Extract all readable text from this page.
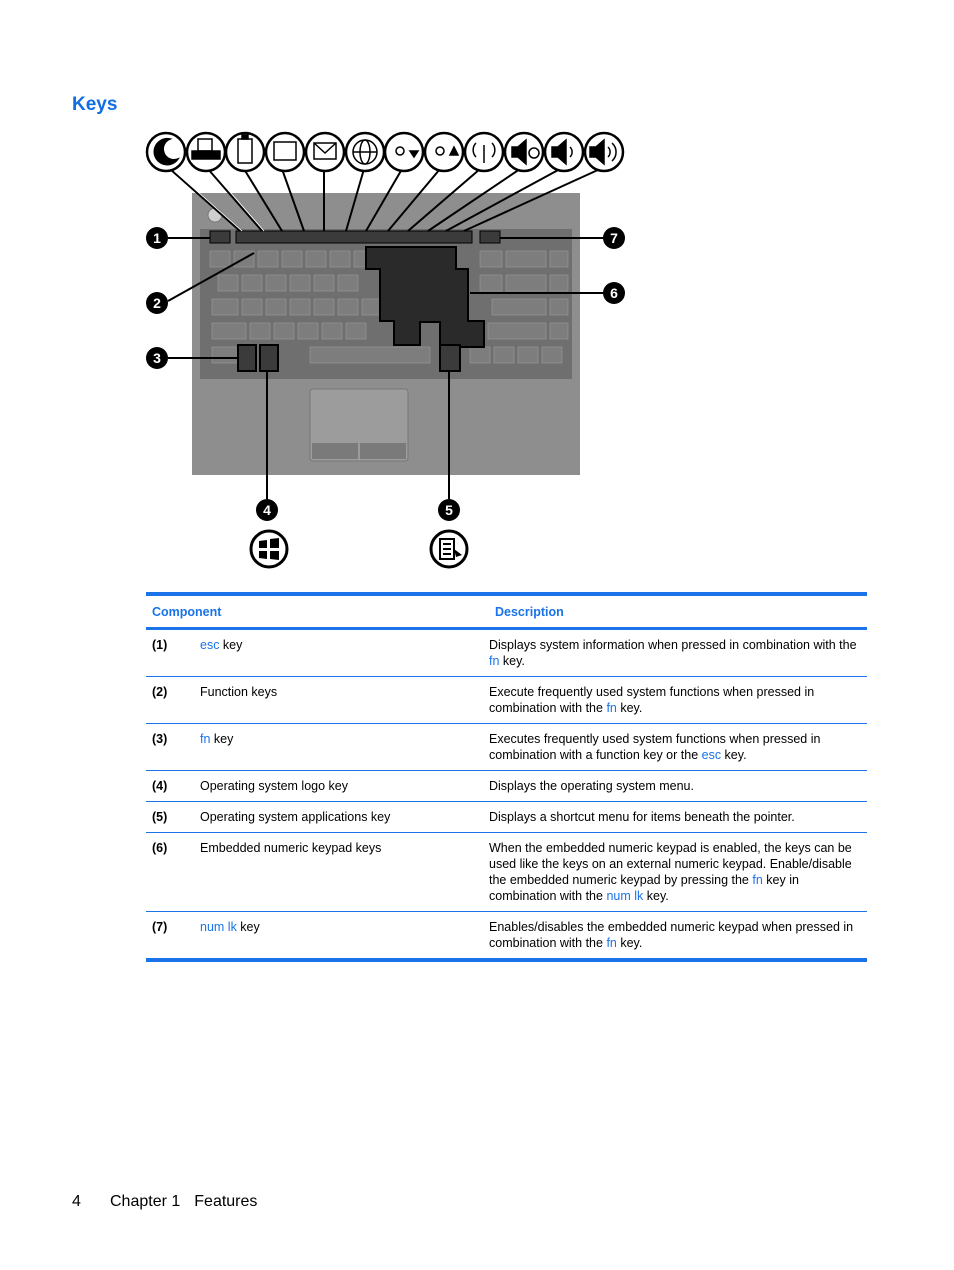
Keys
1
2
3
4	5
6
7
Component	Description
(1)	esc key	Displays system information when pressed in combination with the fn key.
(2)	Function keys	Execute frequently used system functions when pressed in combination with the fn key.
(3)	fn key	Executes frequently used system functions when pressed in combination with a function key or the esc key.
(4)	Operating system logo key	Displays the operating system menu.
(5)	Operating system applications key	Displays a shortcut menu for items beneath the pointer.
(6)	Embedded numeric keypad keys	When the embedded numeric keypad is enabled, the keys can be used like the keys on an external numeric keypad. Enable/disable the embedded numeric keypad by pressing the fn key in combination with the num lk key.
(7)	num lk key	Enables/disables the embedded numeric keypad when pressed in combination with the fn key.
4 Chapter 1 Features
